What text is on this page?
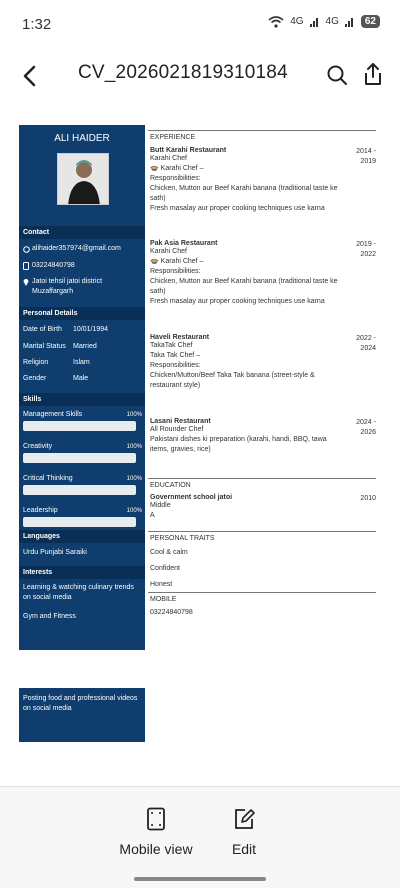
1:32	4G 4G	62
CV_20260218193101​84
ALI HAIDER
Contact
alihaider357974@gmail.com
03224840798
Jatoi tehsil jatoi district Muzaffargarh
Personal Details
Date of Birth 10/01/1994
Marital Status Married
Religion	Islam
Gender	Male
Skills
Management Skills	100%
Creativity	100%
Critical Thinking	100%
Leadership	100%
Languages
Urdu Punjabi Saraiki
Interests
Learning & watching culinary trends on social media
Gym and Fitness
EXPERIENCE
Butt Karahi Restaurant	2014 -
2019

Karahi Chef

🍲 Karahi Chef –

Responsibilities:

Chicken, Mutton aur Beef Karahi banana (traditional taste ke sath)

Fresh masalay aur proper cooking techniques use karna

Pak Asia Restaurant	2019 -
2022

Karahi Chef

🍲 Karahi Chef –

Responsibilities:

Chicken, Mutton aur Beef Karahi banana (traditional taste ke sath)

Fresh masalay aur proper cooking techniques use karna

Haveli Restaurant	2022 -
2024

TakaTak Chef

Taka Tak Chef –

Responsibilities:

Chicken/Mutton/Beef Taka Tak banana (street-style & restaurant style)

Lasani Restaurant	2024 -
2026

All Rounder Chef

Pakistani dishes ki preparation (karahi, handi, BBQ, tawa items, gravies, rice)

EDUCATION
Government school jatoi	2010

Middle

A

PERSONAL TRAITS
Cool & calm
Confident
Honest
MOBILE
03224840798
Posting food and professional videos on social media
Mobile view	Edit
